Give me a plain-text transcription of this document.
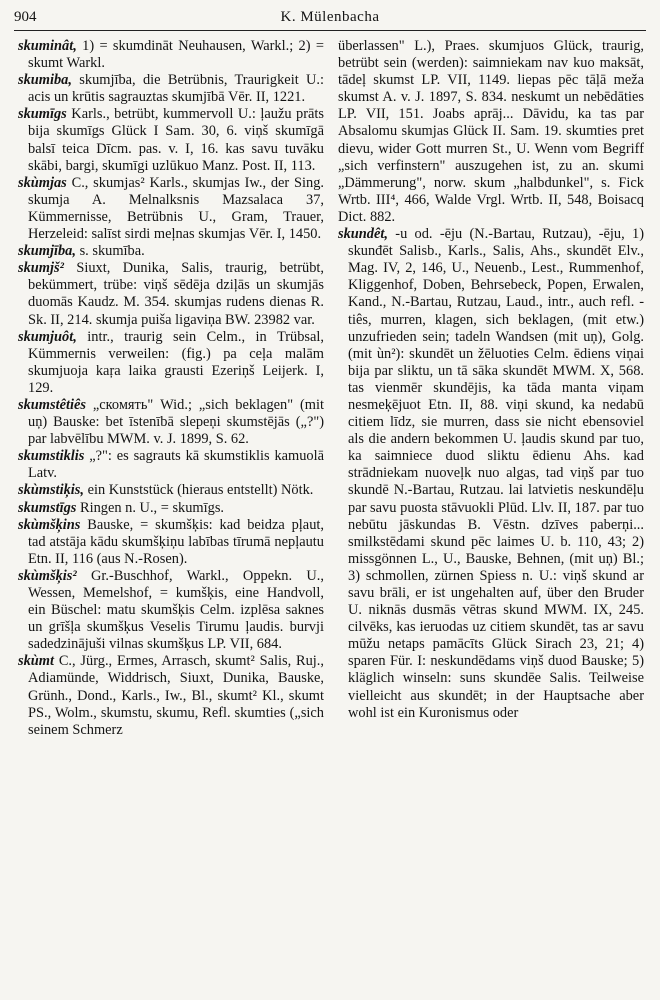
904	K. Mülenbacha

skuminât, 1) = skumdināt Neuhausen, Warkl.; 2) = skumt Warkl.

skumiba, skumjība, die Betrübnis, Traurigkeit U.: acis un krūtis sagrauztas skumjībā Vēr. II, 1221.

skumīgs Karls., betrübt, kummervoll U.: ļaužu prāts bija skumīgs Glück I Sam. 30, 6. viņš skumīgā balsī teica Dīcm. pas. v. I, 16. kas savu tuvāku skābi, bargi, skumīgi uzlūkuo Manz. Post. II, 113.

skùmjas C., skumjas² Karls., skumjas Iw., der Sing. skumja A. Melnalksnis Mazsalaca 37, Kümmernisse, Betrübnis U., Gram, Trauer, Herzeleid: salīst sirdi meļnas skumjas Vēr. I, 1450.

skumjība, s. skumība.

skumjš² Siuxt, Dunika, Salis, traurig, betrübt, bekümmert, trübe: viņš sēdēja dziļās un skumjās duomās Kaudz. M. 354. skumjas rudens dienas R. Sk. II, 214. skumja puiša ligaviņa BW. 23982 var.

skumjuôt, intr., traurig sein Celm., in Trübsal, Kümmernis verweilen: (fig.) pa ceļa malām skumjuoja kaŗa laika grausti Ezeriņš Leijerk. I, 129.

skumstêtiês „скомять" Wid.; „sich beklagen" (mit uņ) Bauske: bet īstenībā slepeņi skumstējās („?") par labvēlību MWM. v. J. 1899, S. 62.

skumstiklis „?": es sagrauts kā skumstiklis kamuolā Latv.

skùmstiķis, ein Kunststück (hieraus entstellt) Nötk.

skumstīgs Ringen n. U., = skumīgs.

skùmšķins Bauske, = skumšķis: kad beidza pļaut, tad atstāja kādu skumšķiņu labības tīrumā nepļautu Etn. II, 116 (aus N.-Rosen).

skùmšķis² Gr.-Buschhof, Warkl., Oppekn. U., Wessen, Memelshof, = kumšķis, eine Handvoll, ein Büschel: matu skumšķis Celm. izplēsa saknes un grīšļa skumšķus Veselis Tirumu ļaudis. burvji sadedzinājuši vilnas skumšķus LP. VII, 684.

skùmt C., Jürg., Ermes, Arrasch, skumt² Salis, Ruj., Adiamünde, Widdrisch, Siuxt, Dunika, Bauske, Grünh., Dond., Karls., Iw., Bl., skumt² Kl., skumt PS., Wolm., skumstu, skumu, Refl. skumties („sich seinem Schmerz

überlassen" L.), Praes. skumjuos Glück, traurig, betrübt sein (werden): saimniekam nav kuo maksāt, tādeļ skumst LP. VII, 1149. liepas pēc tāļā meža skumst A. v. J. 1897, S. 834. neskumt un nebēdāties LP. VII, 151. Joabs aprāj... Dāvidu, ka tas par Absalomu skumjas Glück II. Sam. 19. skumties pret dievu, wider Gott murren St., U. Wenn vom Begriff „sich verfinstern" auszugehen ist, zu an. skumi „Dämmerung", norw. skum „halbdunkel", s. Fick Wrtb. III⁴, 466, Walde Vrgl. Wrtb. II, 548, Boisacq Dict. 882.

skundêt, -u od. -ēju (N.-Bartau, Rutzau), -ēju, 1) skunđēt Salisb., Karls., Salis, Ahs., skundēt Elv., Mag. IV, 2, 146, U., Neuenb., Lest., Rummenhof, Kliggenhof, Doben, Behrsebeck, Popen, Erwalen, Kand., N.-Bartau, Rutzau, Laud., intr., auch refl. -tiês, murren, klagen, sich beklagen, (mit etw.) unzufrieden sein; tadeln Wandsen (mit uņ), Golg. (mit ùn²): skundēt un žēluoties Celm. ēdiens viņai bija par sliktu, un tā sāka skundēt MWM. X, 568. tas vienmēr skundējis, ka tāda manta viņam nesmeķējuot Etn. II, 88. viņi skund, ka nedabū citiem līdz, sie murren, dass sie nicht ebensoviel als die andern bekommen U. ļaudis skund par tuo, ka saimniece duod sliktu ēdienu Ahs. kad strādniekam nuoveļk nuo algas, tad viņš par tuo skundē N.-Bartau, Rutzau. lai latvietis neskundēļu par savu puosta stāvuokli Plūd. Llv. II, 187. par tuo nebūtu jāskundas B. Vēstn. dzīves paberņi... smilkstēdami skund pēc laimes U. b. 110, 43; 2) missgönnen L., U., Bauske, Behnen, (mit uņ) Bl.; 3) schmollen, zürnen Spiess n. U.: viņš skund ar savu brāli, er ist ungehalten auf, über den Bruder U. niknās dusmās vētras skund MWM. IX, 245. cilvēks, kas ieruodas uz citiem skundēt, tas ar savu mūžu netaps pamācīts Glück Sirach 23, 21; 4) sparen Für. I: neskundēdams viņš duod Bauske; 5) kläglich winseln: suns skundēe Salis. Teilweise vielleicht aus skundēt; in der Hauptsache aber wohl ist ein Kuronismus oder
